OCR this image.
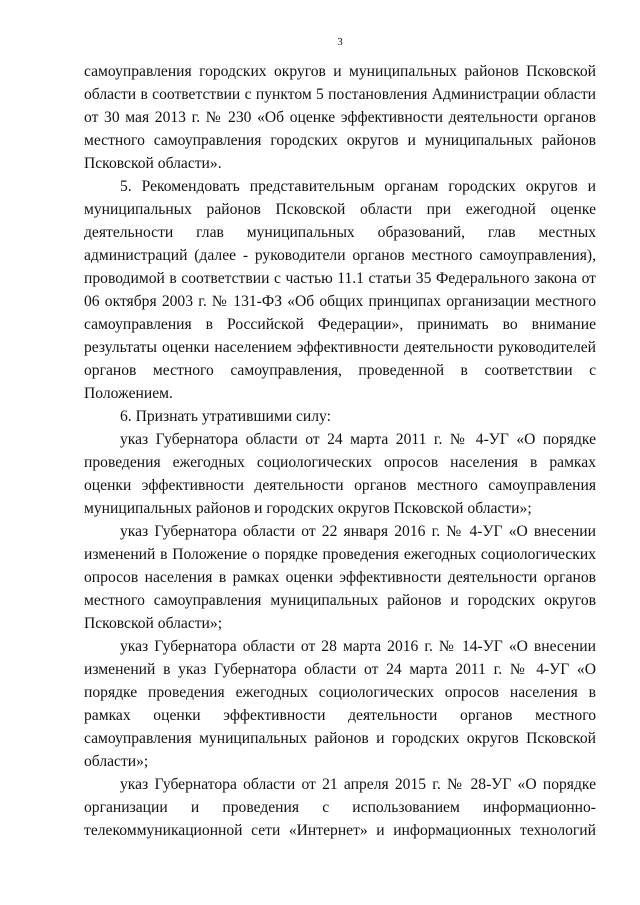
3

самоуправления городских округов и муниципальных районов Псковской области в соответствии с пунктом 5 постановления Администрации области от 30 мая 2013 г. № 230 «Об оценке эффективности деятельности органов местного самоуправления городских округов и муниципальных районов Псковской области».

5. Рекомендовать представительным органам городских округов и муниципальных районов Псковской области при ежегодной оценке деятельности глав муниципальных образований, глав местных администраций (далее - руководители органов местного самоуправления), проводимой в соответствии с частью 11.1 статьи 35 Федерального закона от 06 октября 2003 г. № 131-ФЗ «Об общих принципах организации местного самоуправления в Российской Федерации», принимать во внимание результаты оценки населением эффективности деятельности руководителей органов местного самоуправления, проведенной в соответствии с Положением.

6. Признать утратившими силу:

указ Губернатора области от 24 марта 2011 г. № 4-УГ «О порядке проведения ежегодных социологических опросов населения в рамках оценки эффективности деятельности органов местного самоуправления муниципальных районов и городских округов Псковской области»;

указ Губернатора области от 22 января 2016 г. № 4-УГ «О внесении изменений в Положение о порядке проведения ежегодных социологических опросов населения в рамках оценки эффективности деятельности органов местного самоуправления муниципальных районов и городских округов Псковской области»;

указ Губернатора области от 28 марта 2016 г. № 14-УГ «О внесении изменений в указ Губернатора области от 24 марта 2011 г. № 4-УГ «О порядке проведения ежегодных социологических опросов населения в рамках оценки эффективности деятельности органов местного самоуправления муниципальных районов и городских округов Псковской области»;

указ Губернатора области от 21 апреля 2015 г. № 28-УГ «О порядке организации и проведения с использованием информационно-телекоммуникационной сети «Интернет» и информационных технологий
